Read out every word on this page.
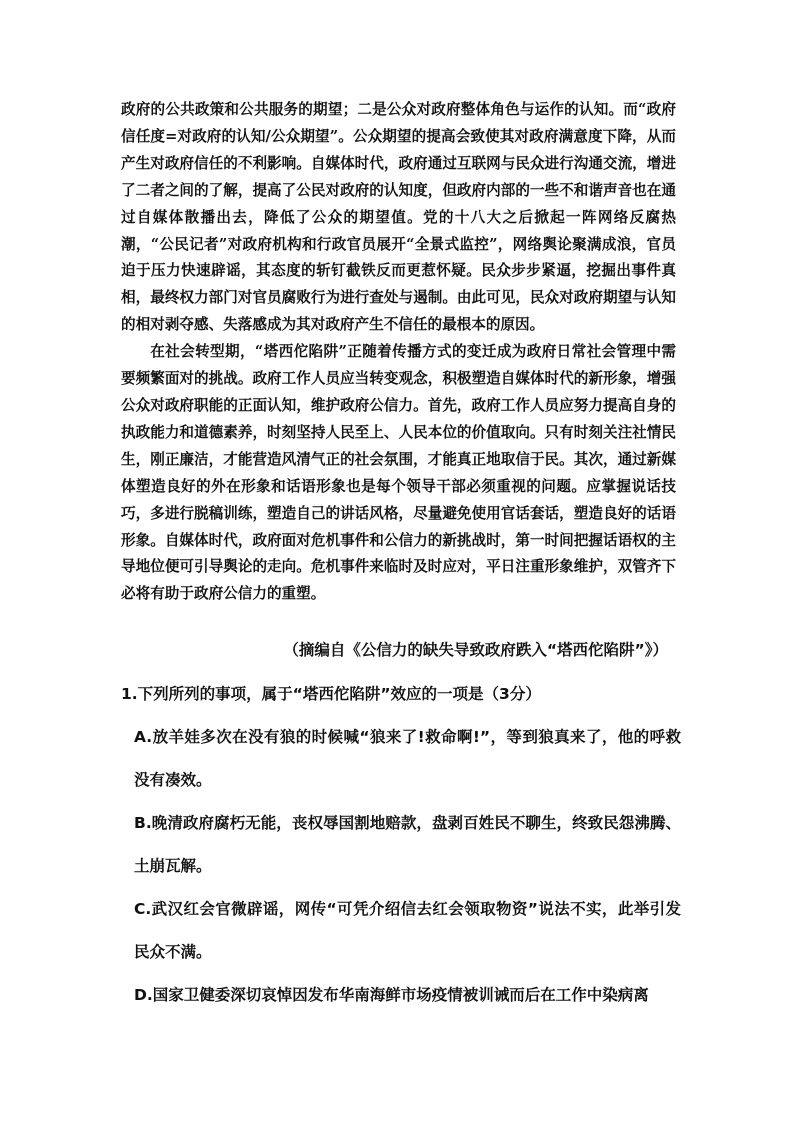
政府的公共政策和公共服务的期望；二是公众对政府整体角色与运作的认知。而“政府信任度=对政府的认知/公众期望”。公众期望的提高会致使其对政府满意度下降，从而产生对政府信任的不利影响。自媒体时代，政府通过互联网与民众进行沟通交流，增进了二者之间的了解，提高了公民对政府的认知度，但政府内部的一些不和谐声音也在通过自媒体散播出去，降低了公众的期望值。党的十八大之后掀起一阵网络反腐热潮，“公民记者”对政府机构和行政官员展开“全景式监控”，网络舆论聚满成浪，官员迫于压力快速辟谣，其态度的斩钉截铁反而更惹怀疑。民众步步紧逼，挖掘出事件真相，最终权力部门对官员腐败行为进行查处与遏制。由此可见，民众对政府期望与认知的相对剥夺感、失落感成为其对政府产生不信任的最根本的原因。

在社会转型期，“塔西佗陷阱”正随着传播方式的变迁成为政府日常社会管理中需要频繁面对的挑战。政府工作人员应当转变观念，积极塑造自媒体时代的新形象，增强公众对政府职能的正面认知，维护政府公信力。首先，政府工作人员应努力提高自身的执政能力和道德素养，时刻坚持人民至上、人民本位的价值取向。只有时刻关注社情民生，刚正廉洁，才能营造风清气正的社会氛围，才能真正地取信于民。其次，通过新媒体塑造良好的外在形象和话语形象也是每个领导干部必须重视的问题。应掌握说话技巧，多进行脱稿训练，塑造自己的讲话风格，尽量避免使用官话套话，塑造良好的话语形象。自媒体时代，政府面对危机事件和公信力的新挑战时，第一时间把握话语权的主导地位便可引导舆论的走向。危机事件来临时及时应对，平日注重形象维护，双管齐下必将有助于政府公信力的重塑。

（摘编自《公信力的缺失导致政府跌入“塔西佗陷阱”》）

1.下列所列的事项，属于“塔西佗陷阱”效应的一项是（3分）

A.放羊娃多次在没有狼的时候喊“狼来了!救命啊!”，等到狼真来了，他的呼救没有凑效。

B.晚清政府腐朽无能，丧权辱国割地赔款，盘剥百姓民不聊生，终致民怨沸腾、土崩瓦解。

C.武汉红会官微辟谣，网传“可凭介绍信去红会领取物资”说法不实，此举引发民众不满。

D.国家卫健委深切哀悼因发布华南海鲜市场疫情被训诫而后在工作中染病离
